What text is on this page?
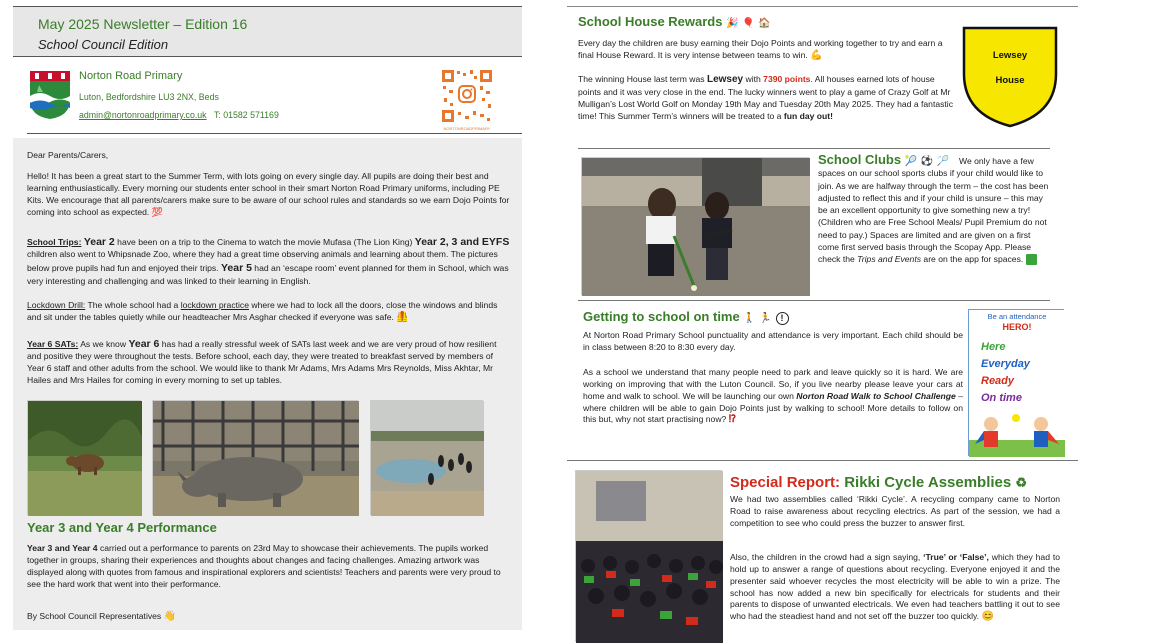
May 2025 Newsletter – Edition 16
School Council Edition
Norton Road Primary
Luton, Bedfordshire LU3 2NX, Beds
admin@nortonroadprimary.co.uk T: 01582 571169
NORTONROADPRIMARY
Dear Parents/Carers,
Hello! It has been a great start to the Summer Term, with lots going on every single day. All pupils are doing their best and learning enthusiastically. Every morning our students enter school in their smart Norton Road Primary uniforms, including PE Kits. We encourage that all parents/carers make sure to be aware of our school rules and standards so we earn Dojo Points for coming into school as expected. 💯
School Trips: Year 2 have been on a trip to the Cinema to watch the movie Mufasa (The Lion King) Year 2, 3 and EYFS children also went to Whipsnade Zoo, where they had a great time observing animals and learning about them. The pictures below prove pupils had fun and enjoyed their trips. Year 5 had an ‘escape room’ event planned for them in School, which was very interesting and challenging and was linked to their learning in English.
Lockdown Drill: The whole school had a lockdown practice where we had to lock all the doors, close the windows and blinds and sit under the tables quietly while our headteacher Mrs Asghar checked if everyone was safe. 🦺
Year 6 SATs: As we know Year 6 has had a really stressful week of SATs last week and we are very proud of how resilient and positive they were throughout the tests. Before school, each day, they were treated to breakfast served by members of Year 6 staff and other adults from the school. We would like to thank Mr Adams, Mrs Adams Mrs Reynolds, Miss Akhtar, Mr Hailes and Mrs Hailes for coming in every morning to set up tables.
Year 3 and Year 4 Performance
Year 3 and Year 4 carried out a performance to parents on 23rd May to showcase their achievements. The pupils worked together in groups, sharing their experiences and thoughts about changes and facing challenges. Amazing artwork was displayed along with quotes from famous and inspirational explorers and scientists! Teachers and parents were very proud to see the hard work that went into their performance.
By School Council Representatives 👋
School House Rewards 🎉 🎈 🏠
Every day the children are busy earning their Dojo Points and working together to try and earn a final House Reward. It is very intense between teams to win. 💪
The winning House last term was Lewsey with 7390 points. All houses earned lots of house points and it was very close in the end. The lucky winners went to play a game of Crazy Golf at Mr Mulligan’s Lost World Golf on Monday 19th May and Tuesday 20th May 2025. They had a fantastic time! This Summer Term’s winners will be treated to a fun day out!
Lewsey
House
School Clubs 🎾 ⚽ 🏸	We only have a few spaces on our school sports clubs if your child would like to join. As we are halfway through the term – the cost has been adjusted to reflect this and if your child is unsure – this may be an excellent opportunity to give something new a try! (Children who are Free School Meals/ Pupil Premium do not need to pay.) Spaces are limited and are given on a first come first served basis through the Scopay App. Please check the Trips and Events are on the app for spaces.	✓
Getting to school on time 🚶 🏃 !
At Norton Road Primary School punctuality and attendance is very important. Each child should be in class between 8:20 to 8:30 every day.
As a school we understand that many people need to park and leave quickly so it is hard. We are working on improving that with the Luton Council. So, if you live nearby please leave your cars at home and walk to school. We will be launching our own Norton Road Walk to School Challenge – where children will be able to gain Dojo Points just by walking to school! More details to follow on this but, why not start practising now? ⁉
Be an attendance
HERO!
Here
Everyday
Ready
On time
Special Report: Rikki Cycle Assemblies ♻
We had two assemblies called ‘Rikki Cycle’. A recycling company came to Norton Road to raise awareness about recycling electrics. As part of the session, we had a competition to see who could press the buzzer to answer first.
Also, the children in the crowd had a sign saying, ‘True’ or ‘False’, which they had to hold up to answer a range of questions about recycling. Everyone enjoyed it and the presenter said whoever recycles the most electricity will be able to win a prize. The school has now added a new bin specifically for electricals for students and their parents to dispose of unwanted electricals. We even had teachers battling it out to see who had the steadiest hand and not set off the buzzer too quickly. 😊
